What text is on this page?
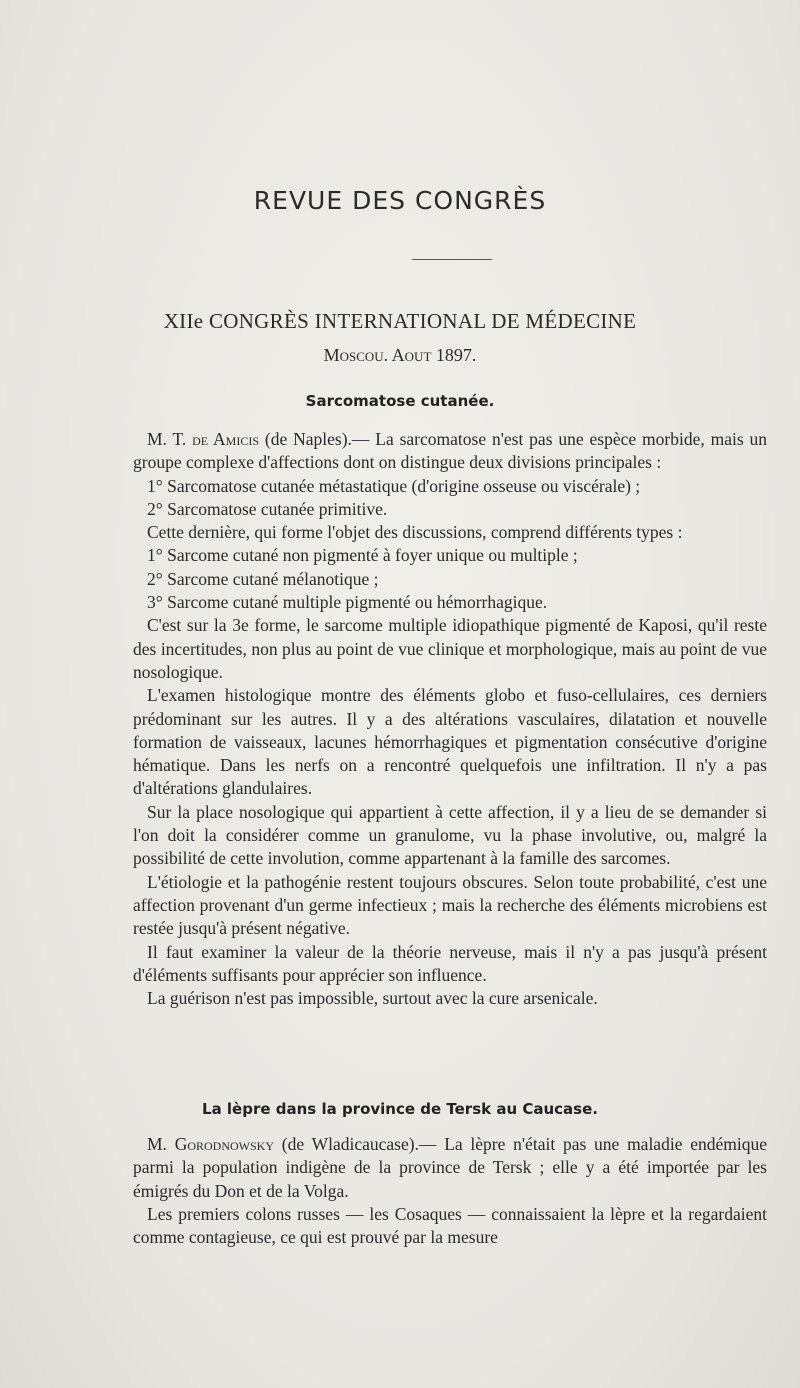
REVUE DES CONGRÈS
XIIe CONGRÈS INTERNATIONAL DE MÉDECINE
Moscou. Aout 1897.
Sarcomatose cutanée.

M. T. de Amicis (de Naples).— La sarcomatose n'est pas une espèce morbide, mais un groupe complexe d'affections dont on distingue deux divisions principales :

1° Sarcomatose cutanée métastatique (d'origine osseuse ou viscérale) ;

2° Sarcomatose cutanée primitive.

Cette dernière, qui forme l'objet des discussions, comprend différents types :

1° Sarcome cutané non pigmenté à foyer unique ou multiple ;

2° Sarcome cutané mélanotique ;

3° Sarcome cutané multiple pigmenté ou hémorrhagique.

C'est sur la 3e forme, le sarcome multiple idiopathique pigmenté de Kaposi, qu'il reste des incertitudes, non plus au point de vue clinique et morphologique, mais au point de vue nosologique.

L'examen histologique montre des éléments globo et fuso-cellulaires, ces derniers prédominant sur les autres. Il y a des altérations vasculaires, dilatation et nouvelle formation de vaisseaux, lacunes hémorrhagiques et pigmentation consécutive d'origine hématique. Dans les nerfs on a rencontré quelquefois une infiltration. Il n'y a pas d'altérations glandulaires.

Sur la place nosologique qui appartient à cette affection, il y a lieu de se demander si l'on doit la considérer comme un granulome, vu la phase involutive, ou, malgré la possibilité de cette involution, comme appartenant à la famille des sarcomes.

L'étiologie et la pathogénie restent toujours obscures. Selon toute probabilité, c'est une affection provenant d'un germe infectieux ; mais la recherche des éléments microbiens est restée jusqu'à présent négative.

Il faut examiner la valeur de la théorie nerveuse, mais il n'y a pas jusqu'à présent d'éléments suffisants pour apprécier son influence.

La guérison n'est pas impossible, surtout avec la cure arsenicale.

La lèpre dans la province de Tersk au Caucase.

M. Gorodnowsky (de Wladicaucase).— La lèpre n'était pas une maladie endémique parmi la population indigène de la province de Tersk ; elle y a été importée par les émigrés du Don et de la Volga.

Les premiers colons russes — les Cosaques — connaissaient la lèpre et la regardaient comme contagieuse, ce qui est prouvé par la mesure
